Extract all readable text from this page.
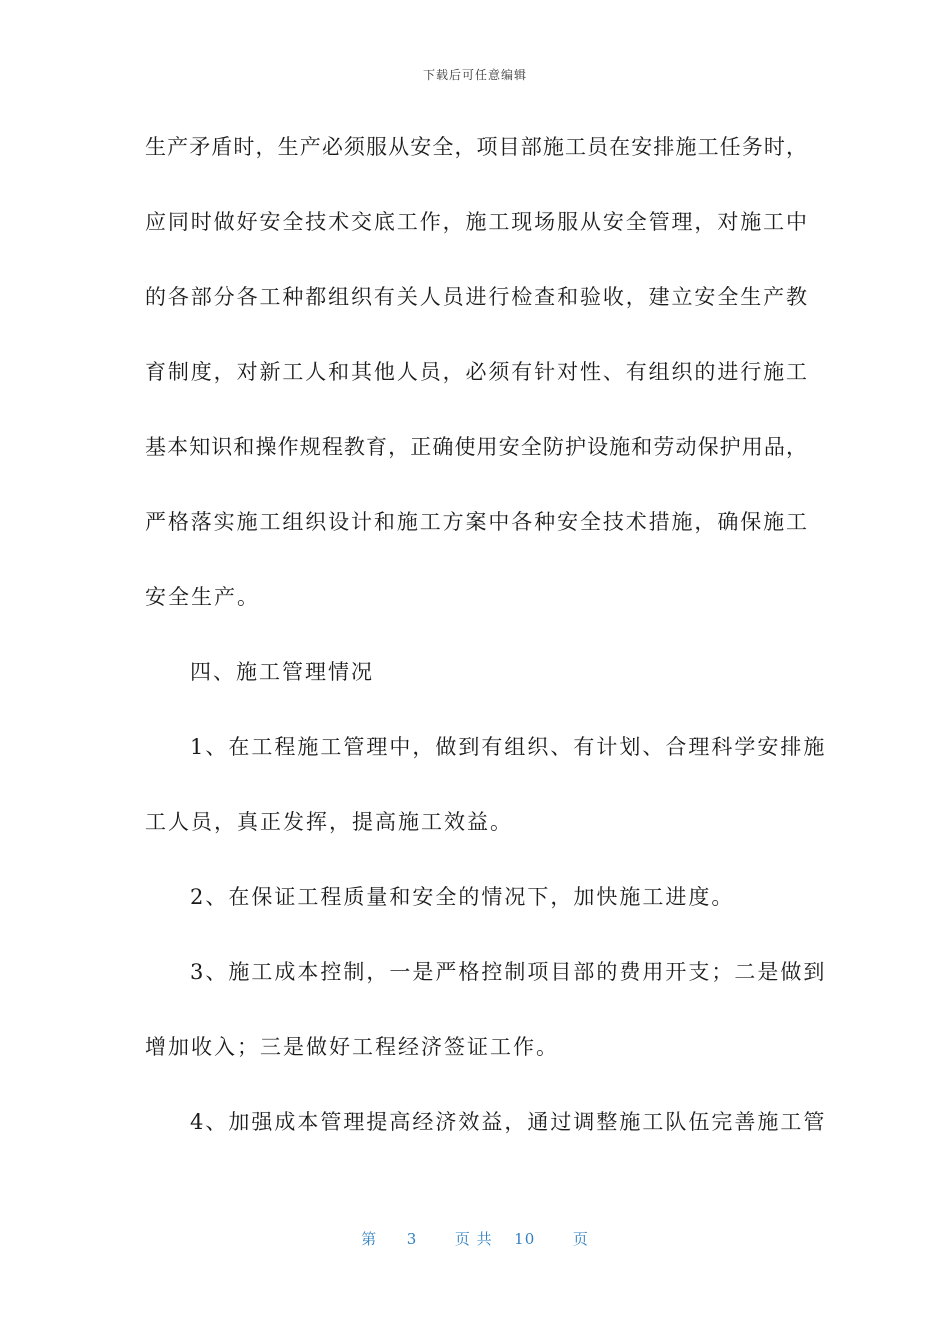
下载后可任意编辑
生产矛盾时，生产必须服从安全，项目部施工员在安排施工任务时，
应同时做好安全技术交底工作，施工现场服从安全管理，对施工中
的各部分各工种都组织有关人员进行检查和验收，建立安全生产教
育制度，对新工人和其他人员，必须有针对性、有组织的进行施工
基本知识和操作规程教育，正确使用安全防护设施和劳动保护用品，
严格落实施工组织设计和施工方案中各种安全技术措施，确保施工
安全生产。
四、施工管理情况
1、在工程施工管理中，做到有组织、有计划、合理科学安排施
工人员，真正发挥，提高施工效益。
2、在保证工程质量和安全的情况下，加快施工进度。
3、施工成本控制，一是严格控制项目部的费用开支；二是做到
增加收入；三是做好工程经济签证工作。
4、加强成本管理提高经济效益，通过调整施工队伍完善施工管
第 3	页 共 10	页
